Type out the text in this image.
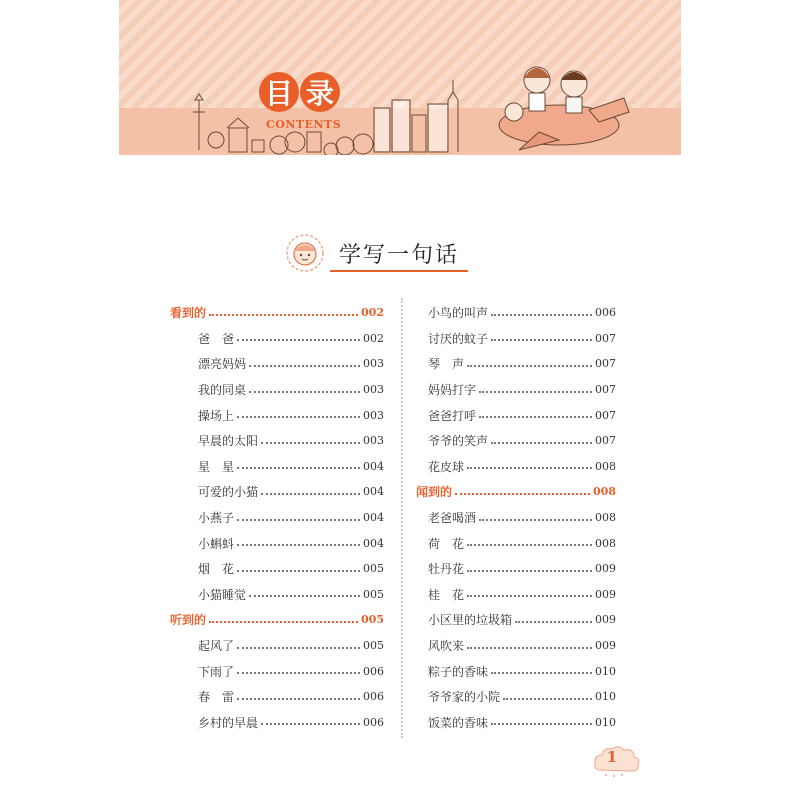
目 录
CONTENTS
学写一句话
看到的	002
爸　爸	002
漂亮妈妈	003
我的同桌	003
操场上	003
早晨的太阳	003
星　星	004
可爱的小猫	004
小燕子	004
小蝌蚪	004
烟　花	005
小猫睡觉	005
听到的	005
起风了	005
下雨了	006
春　雷	006
乡村的早晨	006
小鸟的叫声	006
讨厌的蚊子	007
琴　声	007
妈妈打字	007
爸爸打呼	007
爷爷的笑声	007
花皮球	008
闻到的	008
老爸喝酒	008
荷　花	008
牡丹花	009
桂　花	009
小区里的垃圾箱	009
风吹来	009
粽子的香味	010
爷爷家的小院	010
饭菜的香味	010
1
